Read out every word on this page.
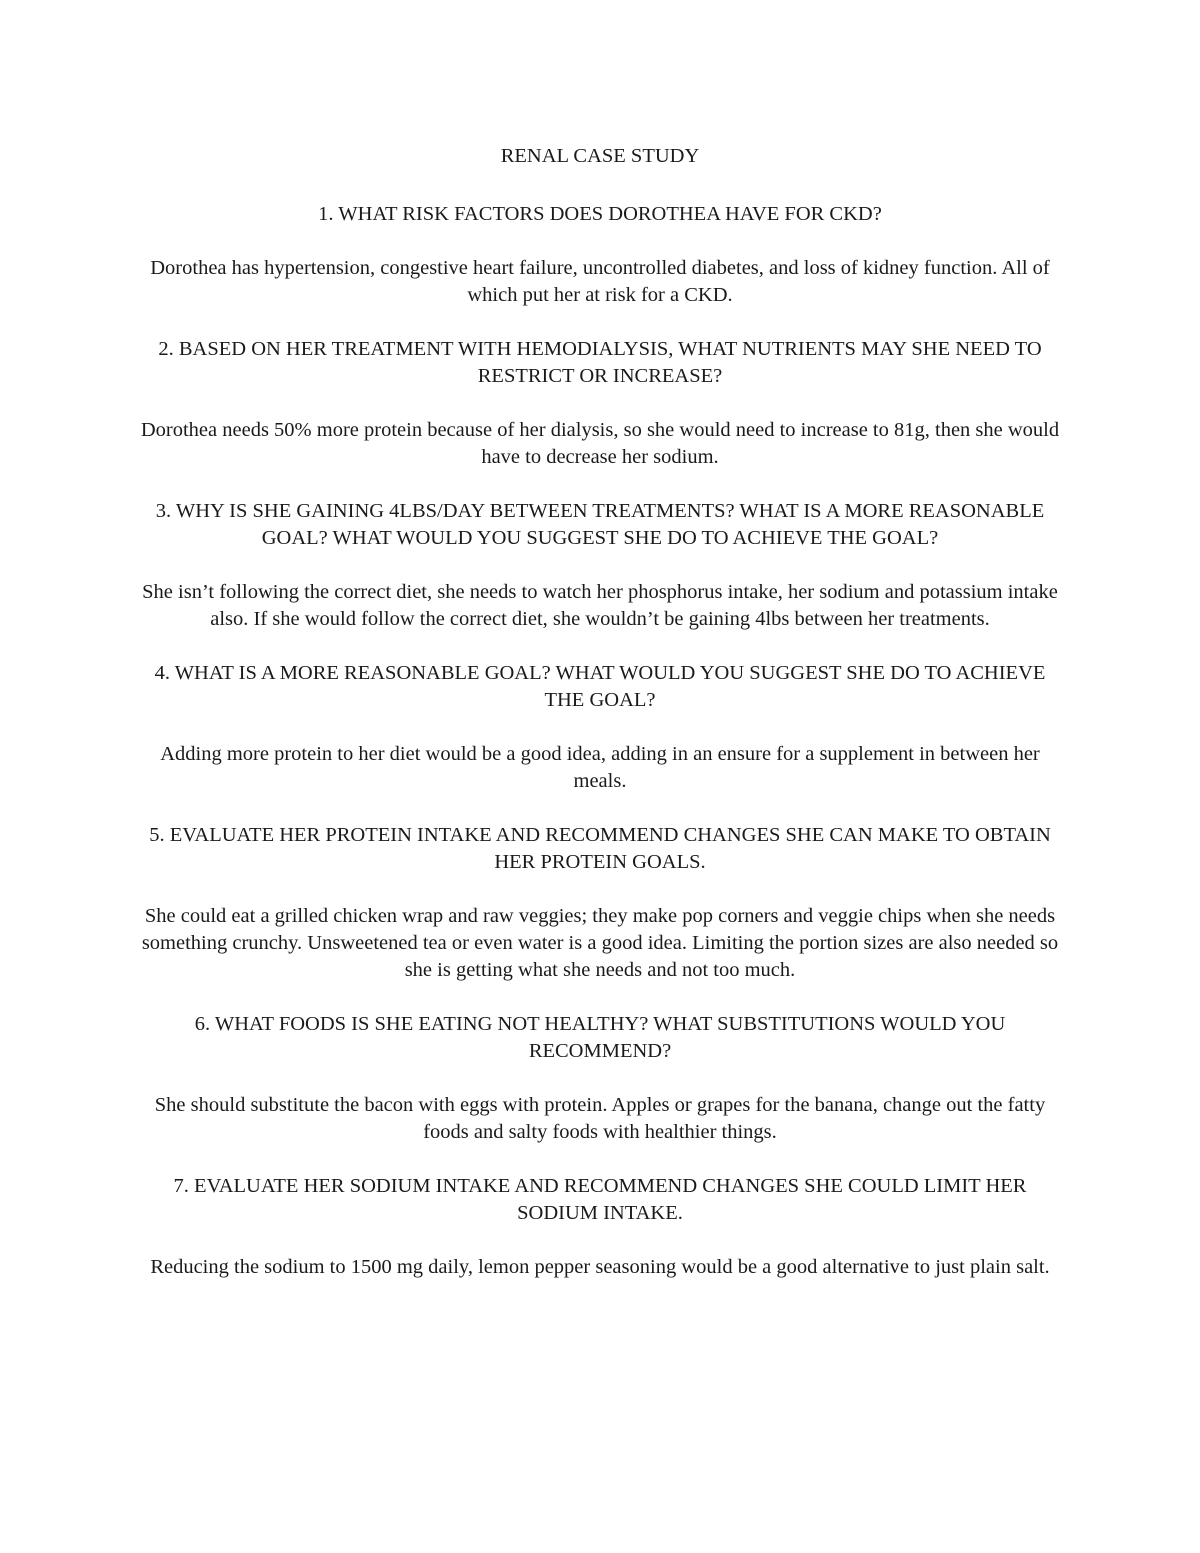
RENAL CASE STUDY
1. WHAT RISK FACTORS DOES DOROTHEA HAVE FOR CKD?
Dorothea has hypertension, congestive heart failure, uncontrolled diabetes, and loss of kidney function. All of which put her at risk for a CKD.
2. BASED ON HER TREATMENT WITH HEMODIALYSIS, WHAT NUTRIENTS MAY SHE NEED TO RESTRICT OR INCREASE?
Dorothea needs 50% more protein because of her dialysis, so she would need to increase to 81g, then she would have to decrease her sodium.
3. WHY IS SHE GAINING 4LBS/DAY BETWEEN TREATMENTS? WHAT IS A MORE REASONABLE GOAL? WHAT WOULD YOU SUGGEST SHE DO TO ACHIEVE THE GOAL?
She isn’t following the correct diet, she needs to watch her phosphorus intake, her sodium and potassium intake also. If she would follow the correct diet, she wouldn’t be gaining 4lbs between her treatments.
4. WHAT IS A MORE REASONABLE GOAL? WHAT WOULD YOU SUGGEST SHE DO TO ACHIEVE THE GOAL?
Adding more protein to her diet would be a good idea, adding in an ensure for a supplement in between her meals.
5. EVALUATE HER PROTEIN INTAKE AND RECOMMEND CHANGES SHE CAN MAKE TO OBTAIN HER PROTEIN GOALS.
She could eat a grilled chicken wrap and raw veggies; they make pop corners and veggie chips when she needs something crunchy. Unsweetened tea or even water is a good idea. Limiting the portion sizes are also needed so she is getting what she needs and not too much.
6. WHAT FOODS IS SHE EATING NOT HEALTHY? WHAT SUBSTITUTIONS WOULD YOU RECOMMEND?
She should substitute the bacon with eggs with protein. Apples or grapes for the banana, change out the fatty foods and salty foods with healthier things.
7. EVALUATE HER SODIUM INTAKE AND RECOMMEND CHANGES SHE COULD LIMIT HER SODIUM INTAKE.
Reducing the sodium to 1500 mg daily, lemon pepper seasoning would be a good alternative to just plain salt.
